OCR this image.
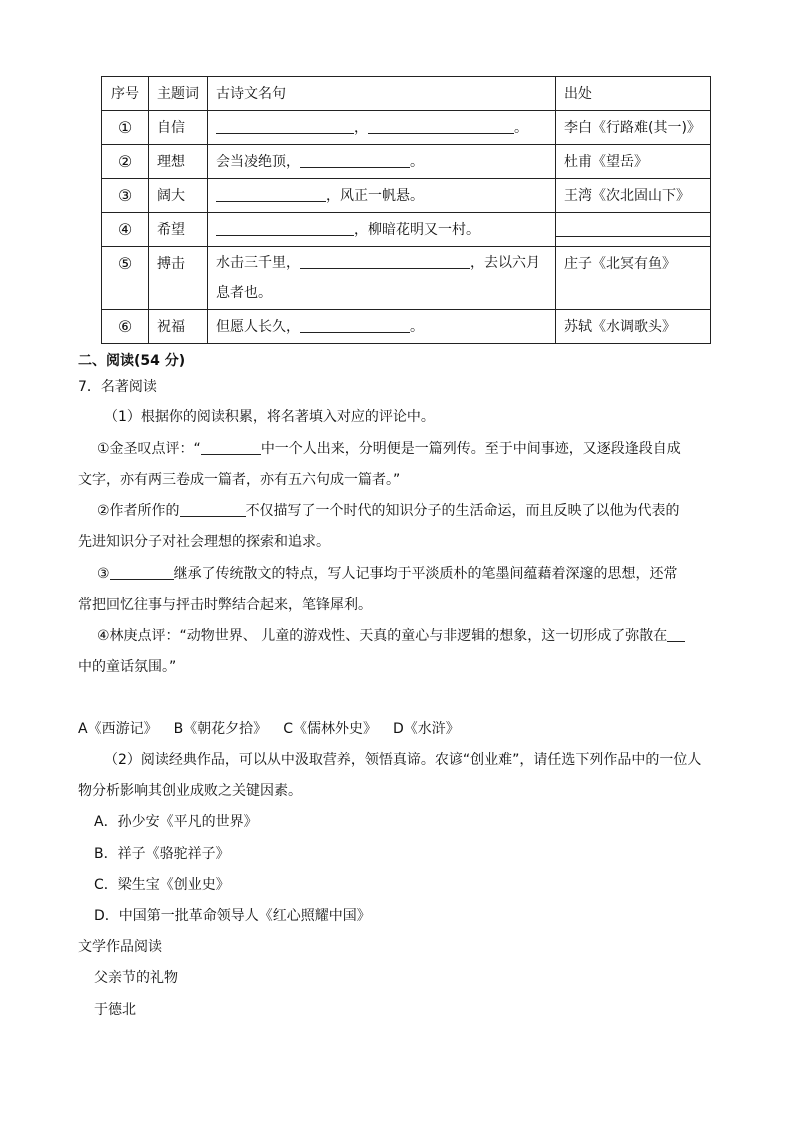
序号	主题词	古诗文名句	出处
①	自信	， 。	李白《行路难(其一)》
②	理想	会当凌绝顶， 。	杜甫《望岳》
③	阔大	，风正一帆悬。	王湾《次北固山下》
④	希望	，柳暗花明又一村。	

⑤	搏击	水击三千里， ，去以六月
息者也。	庄子《北冥有鱼》
⑥	祝福	但愿人长久， 。	苏轼《水调歌头》
二、阅读(54 分)
7．名著阅读
（1）根据你的阅读积累，将名著填入对应的评论中。
①金圣叹点评：“	中一个人出来，分明便是一篇列传。至于中间事迹，又逐段逢段自成
文字，亦有两三卷成一篇者，亦有五六句成一篇者。”
②作者所作的	不仅描写了一个时代的知识分子的生活命运，而且反映了以他为代表的
先进知识分子对社会理想的探索和追求。
③	继承了传统散文的特点，写人记事均于平淡质朴的笔墨间蕴藉着深邃的思想，还常
常把回忆往事与抨击时弊结合起来，笔锋犀利。
④林庚点评：“动物世界、 儿童的游戏性、天真的童心与非逻辑的想象，这一切形成了弥散在
中的童话氛围。”
A《西游记》 B《朝花夕拾》 C《儒林外史》 D《水浒》
（2）阅读经典作品，可以从中汲取营养，领悟真谛。农谚“创业难”，请任选下列作品中的一位人
物分析影响其创业成败之关键因素。
A．孙少安《平凡的世界》
B．祥子《骆驼祥子》
C．梁生宝《创业史》
D．中国第一批革命领导人《红心照耀中国》
文学作品阅读
父亲节的礼物
于德北
